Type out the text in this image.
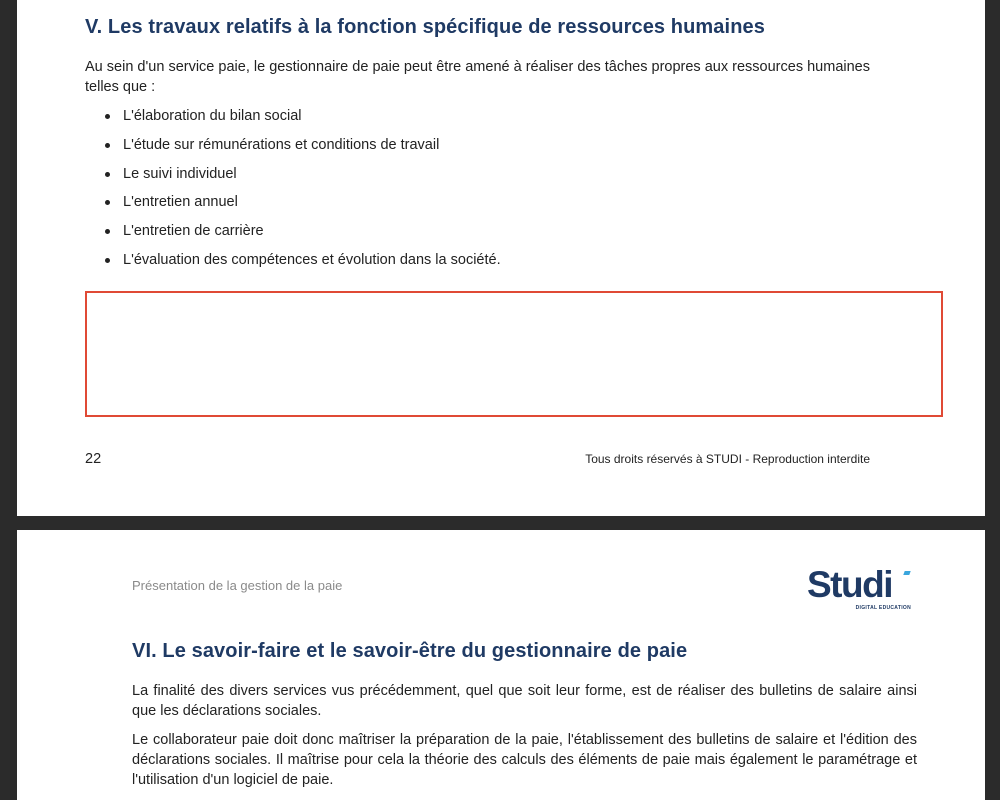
V. Les travaux relatifs à la fonction spécifique de ressources humaines

Au sein d'un service paie, le gestionnaire de paie peut être amené à réaliser des tâches propres aux ressources humaines telles que :

L'élaboration du bilan social
L'étude sur rémunérations et conditions de travail
Le suivi individuel
L'entretien annuel
L'entretien de carrière
L'évaluation des compétences et évolution dans la société.
22	Tous droits réservés à STUDI - Reproduction interdite
Présentation de la gestion de la paie	Studi
DIGITAL EDUCATION
VI. Le savoir-faire et le savoir-être du gestionnaire de paie

La finalité des divers services vus précédemment, quel que soit leur forme, est de réaliser des bulletins de salaire ainsi que les déclarations sociales.

Le collaborateur paie doit donc maîtriser la préparation de la paie, l'établissement des bulletins de salaire et l'édition des déclarations sociales. Il maîtrise pour cela la théorie des calculs des éléments de paie mais également le paramétrage et l'utilisation d'un logiciel de paie.
